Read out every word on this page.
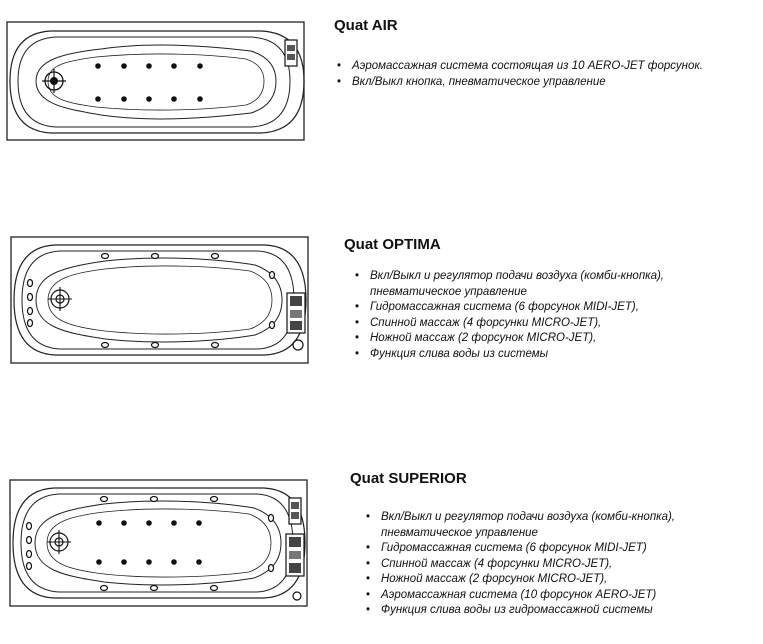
Quat AIR
• Аэромассажная система состоящая из 10 AERO-JET форсунок.
• Вкл/Выкл кнопка, пневматическое управление
Quat OPTIMA
• Вкл/Выкл и регулятор подачи воздуха (комби-кнопка), пневматическое управление
• Гидромассажная система (6 форсунок MIDI-JET),
• Спинной массаж (4 форсунки MICRO-JET),
• Ножной массаж (2 форсунок MICRO-JET),
• Функция слива воды из системы
Quat SUPERIOR
• Вкл/Выкл и регулятор подачи воздуха (комби-кнопка), пневматическое управление
• Гидромассажная система (6 форсунок MIDI-JET)
• Спинной массаж (4 форсунки MICRO-JET),
• Ножной массаж (2 форсунок MICRO-JET),
• Аэромассажная система (10 форсунок AERO-JET)
• Функция слива воды из гидромассажной системы
